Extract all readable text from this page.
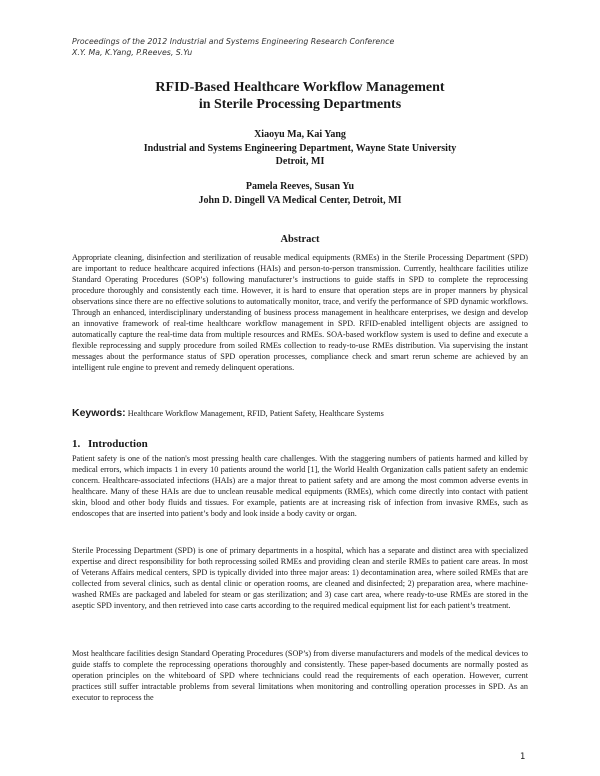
Proceedings of the 2012 Industrial and Systems Engineering Research Conference
X.Y. Ma, K.Yang, P.Reeves, S.Yu
RFID-Based Healthcare Workflow Management
in Sterile Processing Departments
Xiaoyu Ma, Kai Yang
Industrial and Systems Engineering Department, Wayne State University
Detroit, MI
Pamela Reeves, Susan Yu
John D. Dingell VA Medical Center, Detroit, MI
Abstract

Appropriate cleaning, disinfection and sterilization of reusable medical equipments (RMEs) in the Sterile Processing Department (SPD) are important to reduce healthcare acquired infections (HAIs) and person-to-person transmission. Currently, healthcare facilities utilize Standard Operating Procedures (SOP’s) following manufacturer’s instructions to guide staffs in SPD to complete the reprocessing procedure thoroughly and consistently each time. However, it is hard to ensure that operation steps are in proper manners by physical observations since there are no effective solutions to automatically monitor, trace, and verify the performance of SPD dynamic workflows. Through an enhanced, interdisciplinary understanding of business process management in healthcare enterprises, we design and develop an innovative framework of real-time healthcare workflow management in SPD. RFID-enabled intelligent objects are assigned to automatically capture the real-time data from multiple resources and RMEs. SOA-based workflow system is used to define and execute a flexible reprocessing and supply procedure from soiled RMEs collection to ready-to-use RMEs distribution. Via supervising the instant messages about the performance status of SPD operation processes, compliance check and smart rerun scheme are achieved by an intelligent rule engine to prevent and remedy delinquent operations.

Keywords: Healthcare Workflow Management, RFID, Patient Safety, Healthcare Systems
1. Introduction

Patient safety is one of the nation's most pressing health care challenges. With the staggering numbers of patients harmed and killed by medical errors, which impacts 1 in every 10 patients around the world [1], the World Health Organization calls patient safety an endemic concern. Healthcare-associated infections (HAIs) are a major threat to patient safety and are among the most common adverse events in healthcare. Many of these HAIs are due to unclean reusable medical equipments (RMEs), which come directly into contact with patient skin, blood and other body fluids and tissues. For example, patients are at increasing risk of infection from invasive RMEs, such as endoscopes that are inserted into patient’s body and look inside a body cavity or organ.

Sterile Processing Department (SPD) is one of primary departments in a hospital, which has a separate and distinct area with specialized expertise and direct responsibility for both reprocessing soiled RMEs and providing clean and sterile RMEs to patient care areas. In most of Veterans Affairs medical centers, SPD is typically divided into three major areas: 1) decontamination area, where soiled RMEs that are collected from several clinics, such as dental clinic or operation rooms, are cleaned and disinfected; 2) preparation area, where machine-washed RMEs are packaged and labeled for steam or gas sterilization; and 3) case cart area, where ready-to-use RMEs are stored in the aseptic SPD inventory, and then retrieved into case carts according to the required medical equipment list for each patient’s treatment.

Most healthcare facilities design Standard Operating Procedures (SOP’s) from diverse manufacturers and models of the medical devices to guide staffs to complete the reprocessing operations thoroughly and consistently. These paper-based documents are normally posted as operation principles on the whiteboard of SPD where technicians could read the requirements of each operation. However, current practices still suffer intractable problems from several limitations when monitoring and controlling operation processes in SPD. As an executor to reprocess the

1
